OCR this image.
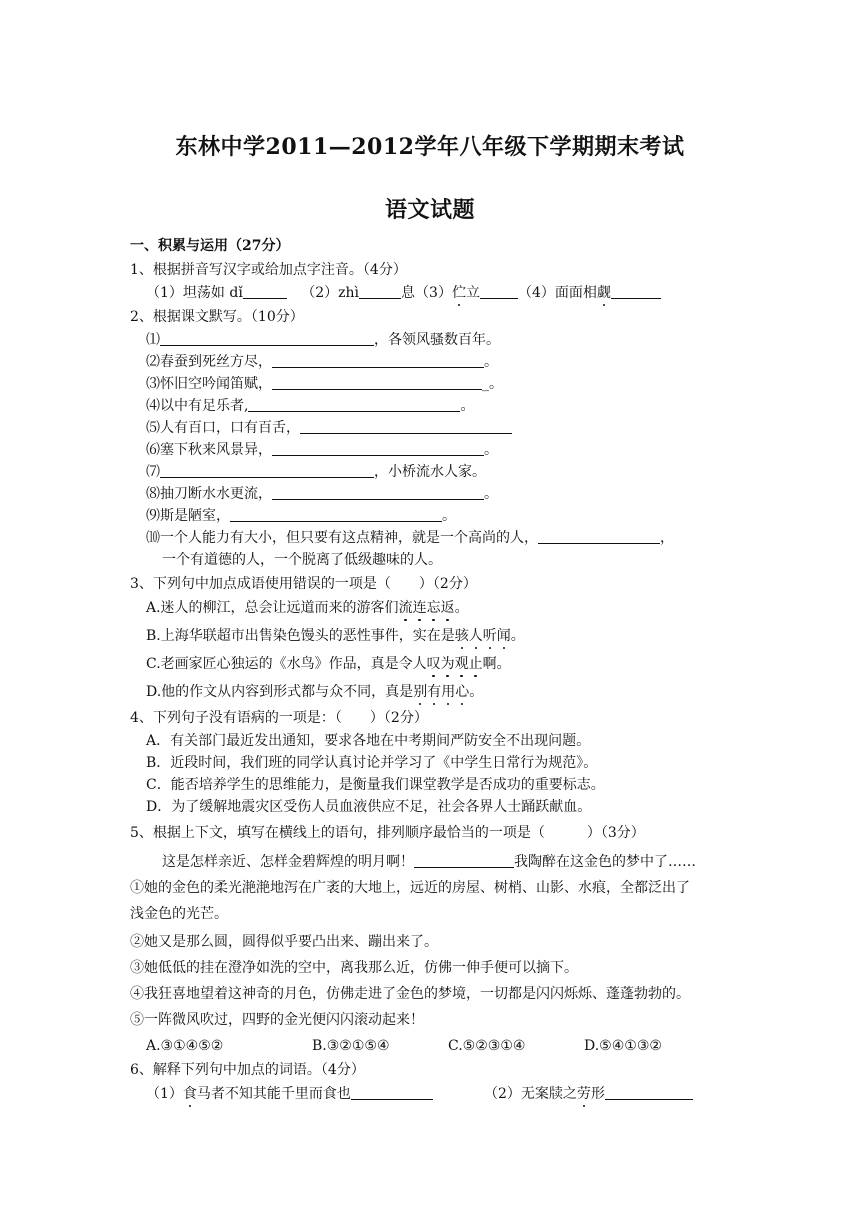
东林中学2011—2012学年八年级下学期期末考试
语文试题
一、积累与运用（27分）
1、根据拼音写汉字或给加点字注音。（4分）
（1）坦荡如 dǐ	（2）zhì	息（3）伫立	（4）面面相觑
2、根据课文默写。（10分）
⑴	，各领风骚数百年。
⑵春蚕到死丝方尽，	。
⑶怀旧空吟闻笛赋，	_。
⑷以中有足乐者,	。
⑸人有百口，口有百舌，
⑹塞下秋来风景异，	。
⑺	，小桥流水人家。
⑻抽刀断水水更流，	。
⑼斯是陋室，	。
⑽一个人能力有大小，但只要有这点精神，就是一个高尚的人，	，
一个有道德的人，一个脱离了低级趣味的人。
3、下列句中加点成语使用错误的一项是（　　）（2分）
A.迷人的柳江，总会让远道而来的游客们流连忘返。
B.上海华联超市出售染色馒头的恶性事件，实在是骇人听闻。
C.老画家匠心独运的《水鸟》作品，真是令人叹为观止啊。
D.他的作文从内容到形式都与众不同，真是别有用心。
4、下列句子没有语病的一项是：（　　）（2分）
A．有关部门最近发出通知，要求各地在中考期间严防安全不出现问题。
B．近段时间，我们班的同学认真讨论并学习了《中学生日常行为规范》。
C．能否培养学生的思维能力，是衡量我们课堂教学是否成功的重要标志。
D．为了缓解地震灾区受伤人员血液供应不足，社会各界人士踊跃献血。
5、根据上下文，填写在横线上的语句，排列顺序最恰当的一项是（　　　）（3分）
这是怎样亲近、怎样金碧辉煌的明月啊！	我陶醉在这金色的梦中了……
①她的金色的柔光滟滟地泻在广袤的大地上，远近的房屋、树梢、山影、水痕，全都泛出了
浅金色的光芒。
②她又是那么圆，圆得似乎要凸出来、蹦出来了。
③她低低的挂在澄净如洗的空中，离我那么近，仿佛一伸手便可以摘下。
④我狂喜地望着这神奇的月色，仿佛走进了金色的梦境，一切都是闪闪烁烁、蓬蓬勃勃的。
⑤一阵微风吹过，四野的金光便闪闪滚动起来！
A.③①④⑤②	B.③②①⑤④	C.⑤②③①④	D.⑤④①③②
6、解释下列句中加点的词语。（4分）
（1）食马者不知其能千里而食也	（2）无案牍之劳形
